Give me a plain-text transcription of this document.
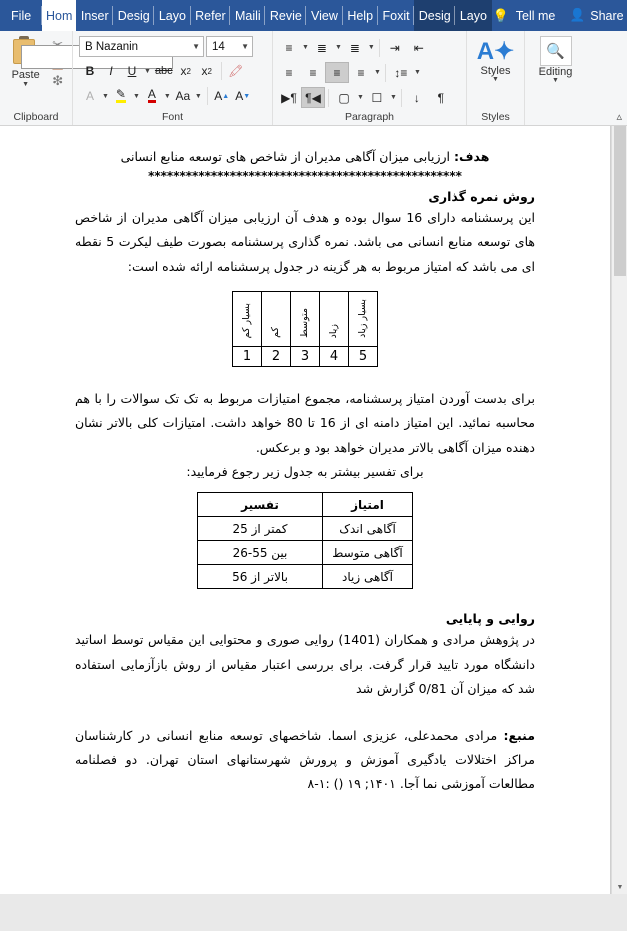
File	Hom Inser Desig Layo Refer Maili Revie View Help Foxit Desig Layo 💡 Tell me 👤 Share
Paste
▼ ❇
Clipboard
B Nazanin	▼ 14 ▼
B	I	U	▼ abc x 2 x 2 🖍
A	▼ ✎ ▼ A ▼ Aa ▼ A ▲ A ▼
Font
≡	▼ ≣	▼ ≣	▼	⇥	⇤
≡	≡	≡	≡	▼	↕≡ ▼
▶¶ ¶◀	▢	▼ ☐	▼	↓	¶
Paragraph
A✦
Styles
▼
Styles
🔍
Editing
▼
▵
هدف: ارزیابی میزان آگاهی مدیران از شاخص های توسعه منابع انسانی
**************************************************
روش نمره گذاری

این پرسشنامه دارای 16 سوال بوده و هدف آن ارزیابی میزان آگاهی مدیران از شاخص های توسعه منابع انسانی می باشد. نمره گذاری پرسشنامه بصورت طیف لیکرت 5 نقطه ای می باشد که امتیاز مربوط به هر گزینه در جدول پرسشنامه ارائه شده است:

بسیار کم	کم	متوسط	زیاد	بسیار زیاد
1	2	3	4	5

برای بدست آوردن امتیاز پرسشنامه، مجموع امتیازات مربوط به تک تک سوالات را با هم محاسبه نمائید. این امتیاز دامنه ای از 16 تا 80 خواهد داشت. امتیازات کلی بالاتر نشان دهنده میزان آگاهی بالاتر مدیران خواهد بود و برعکس.

برای تفسیر بیشتر به جدول زیر رجوع فرمایید:

امتیاز	تفسیر
آگاهی اندک	کمتر از 25
آگاهی متوسط	بین 55-26
آگاهی زیاد	بالاتر از 56
روایی و پایایی

در پژوهش مرادی و همکاران (1401) روایی صوری و محتوایی این مقیاس توسط اساتید دانشگاه مورد تایید قرار گرفت. برای بررسی اعتبار مقیاس از روش بازآزمایی استفاده شد که میزان آن 0/81 گزارش شد

منبع: مرادی محمدعلی، عزیزی اسما. شاخصهای توسعه منابع انسانی در کارشناسان مراکز اختلالات یادگیری آموزش و پرورش شهرستانهای استان تهران. دو فصلنامه مطالعات آموزشی نما آجا. ۱۴۰۱; ۱۹ () :۱-۸
▼
